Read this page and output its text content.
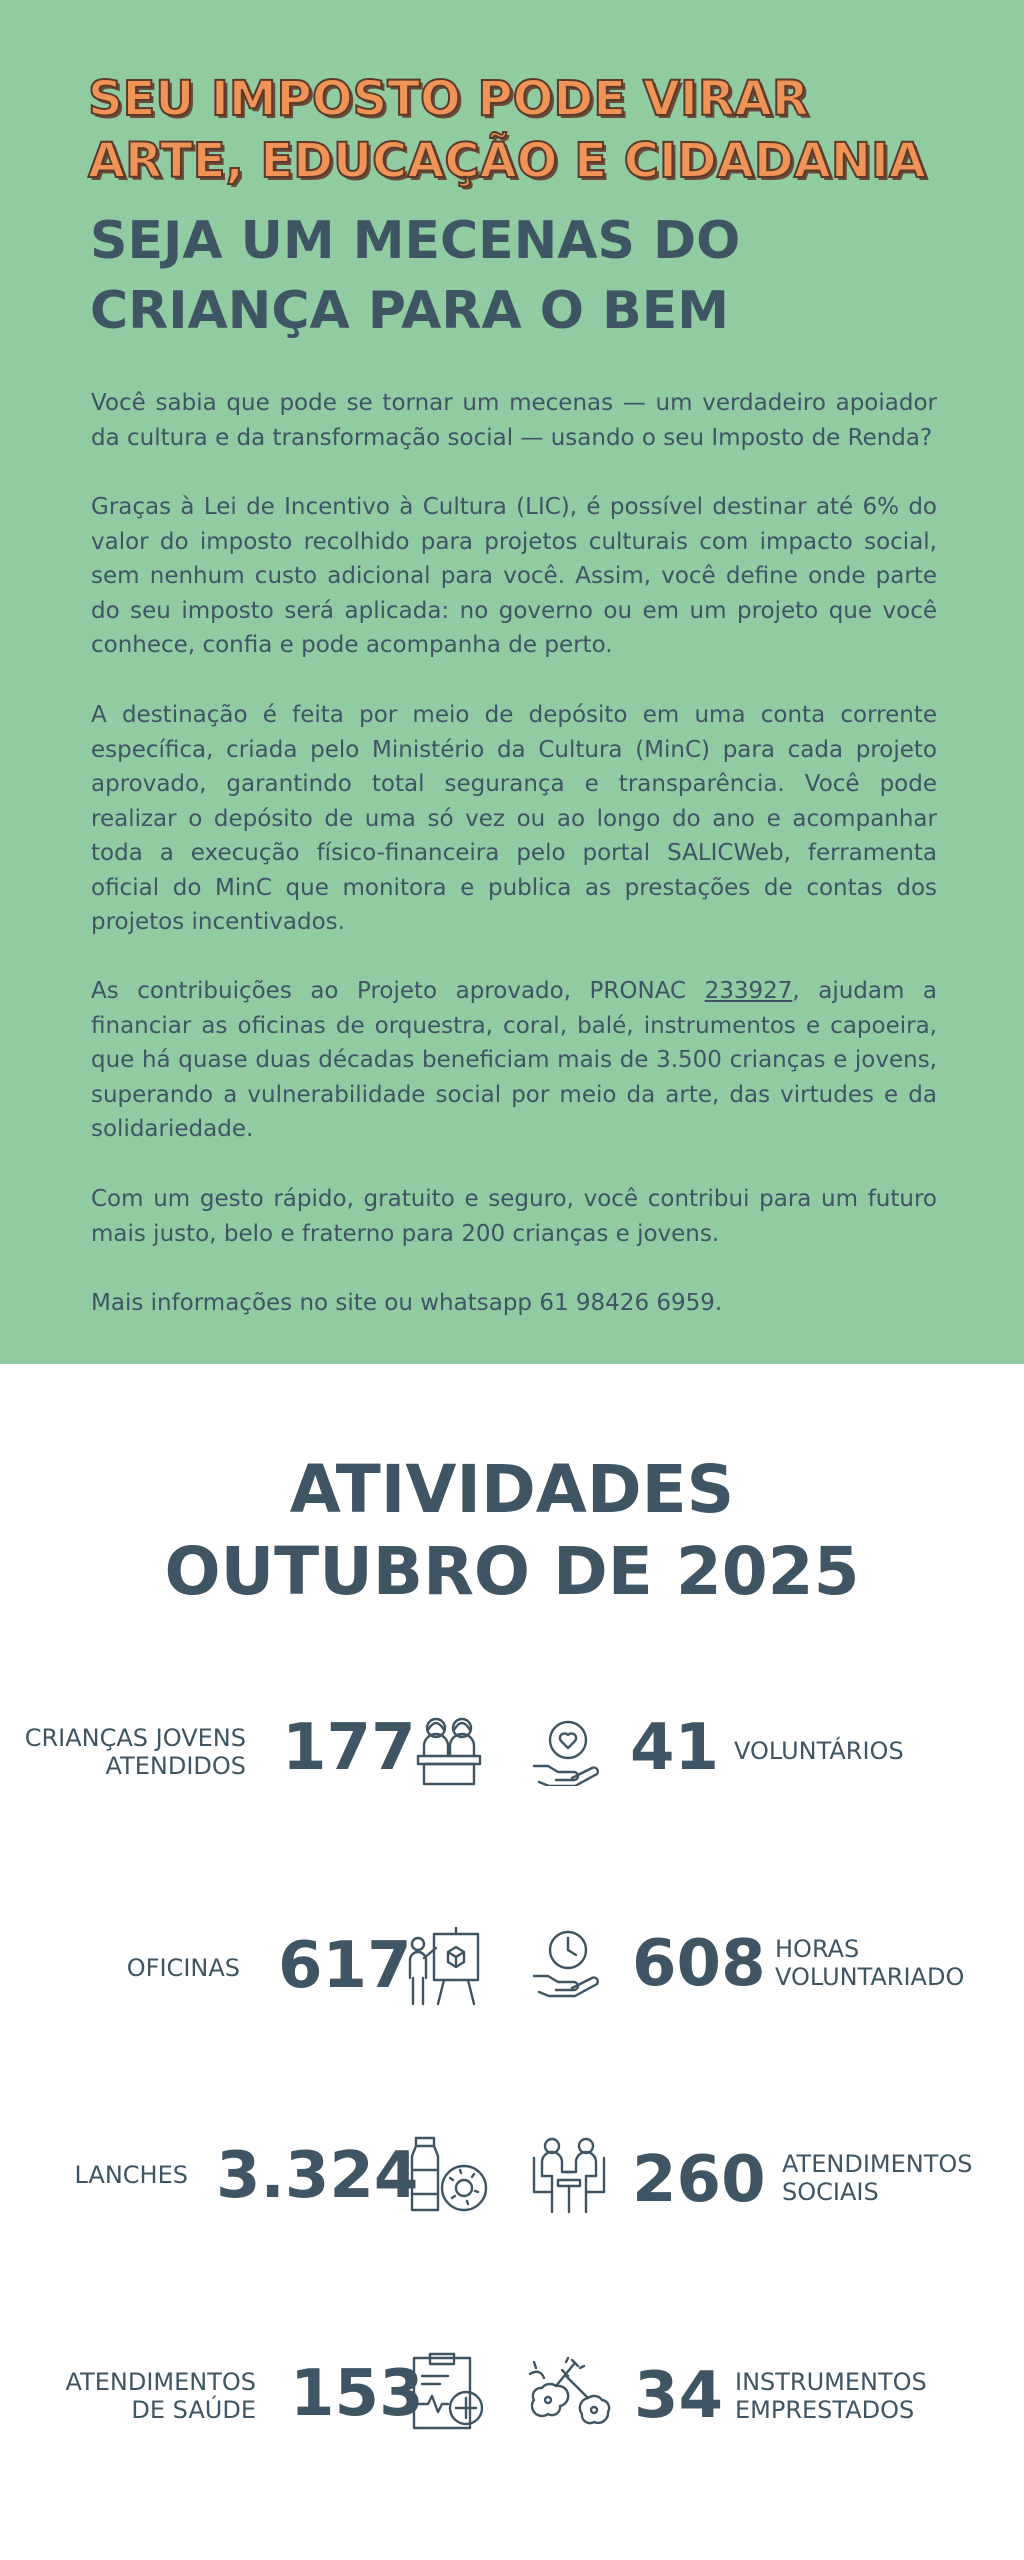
SEU IMPOSTO PODE VIRAR
ARTE, EDUCAÇÃO E CIDADANIA
SEJA UM MECENAS DO
CRIANÇA PARA O BEM

Você sabia que pode se tornar um mecenas — um verdadeiro apoiador da cultura e da transformação social — usando o seu Imposto de Renda?

Graças à Lei de Incentivo à Cultura (LIC), é possível destinar até 6% do valor do imposto recolhido para projetos culturais com impacto social, sem nenhum custo adicional para você. Assim, você define onde parte do seu imposto será aplicada: no governo ou em um projeto que você conhece, confia e pode acompanha de perto.

A destinação é feita por meio de depósito em uma conta corrente específica, criada pelo Ministério da Cultura (MinC) para cada projeto aprovado, garantindo total segurança e transparência. Você pode realizar o depósito de uma só vez ou ao longo do ano e acompanhar toda a execução físico-financeira pelo portal SALICWeb, ferramenta oficial do MinC que monitora e publica as prestações de contas dos projetos incentivados.

As contribuições ao Projeto aprovado, PRONAC 233927, ajudam a financiar as oficinas de orquestra, coral, balé, instrumentos e capoeira, que há quase duas décadas beneficiam mais de 3.500 crianças e jovens, superando a vulnerabilidade social por meio da arte, das virtudes e da solidariedade.

Com um gesto rápido, gratuito e seguro, você contribui para um futuro mais justo, belo e fraterno para 200 crianças e jovens.

Mais informações no site ou whatsapp 61 98426 6959.

ATIVIDADES
OUTUBRO DE 2025
CRIANÇAS JOVENS
ATENDIDOS 177	41 VOLUNTÁRIOS
OFICINAS 617	608 HORAS
VOLUNTARIADO
LANCHES 3.324	260 ATENDIMENTOS
SOCIAIS
ATENDIMENTOS
DE SAÚDE 153	34 INSTRUMENTOS
EMPRESTADOS
